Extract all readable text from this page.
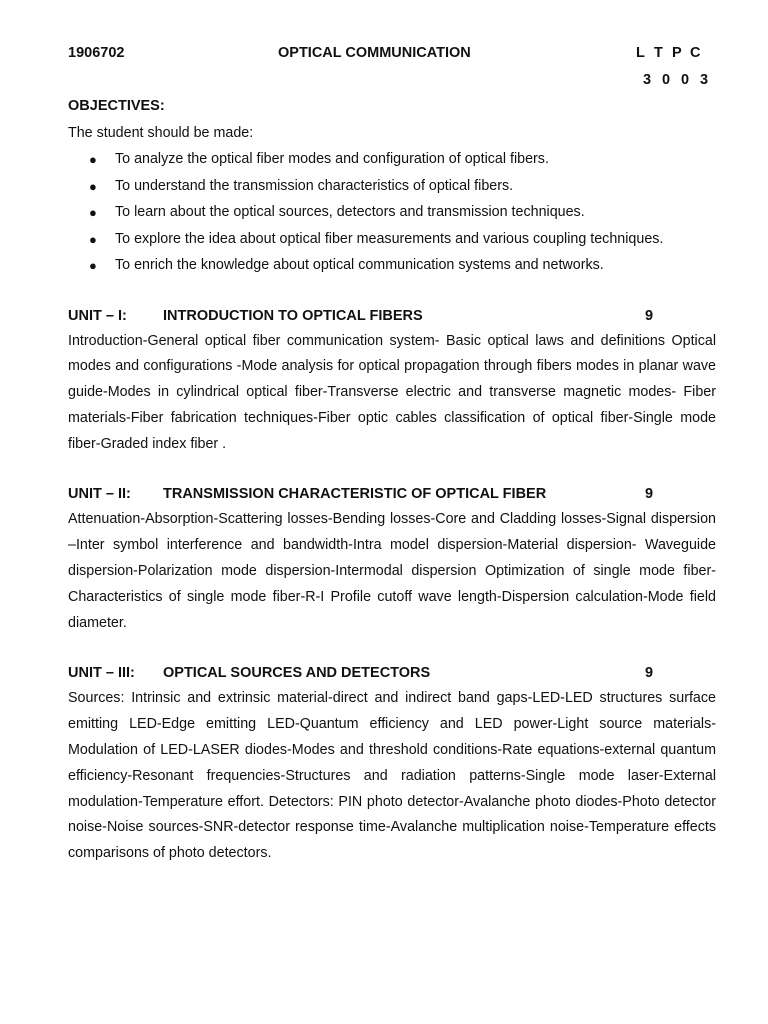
1906702	OPTICAL COMMUNICATION	L T P C
3 0 0 3

OBJECTIVES:

The student should be made:

● To analyze the optical fiber modes and configuration of optical fibers.
● To understand the transmission characteristics of optical fibers.
● To learn about the optical sources, detectors and transmission techniques.
● To explore the idea about optical fiber measurements and various coupling techniques.
● To enrich the knowledge about optical communication systems and networks.
UNIT – I: INTRODUCTION TO OPTICAL FIBERS	9

Introduction-General optical fiber communication system- Basic optical laws and definitions Optical modes and configurations -Mode analysis for optical propagation through fibers modes in planar wave guide-Modes in cylindrical optical fiber-Transverse electric and transverse magnetic modes- Fiber materials-Fiber fabrication techniques-Fiber optic cables classification of optical fiber-Single mode fiber-Graded index fiber .

UNIT – II: TRANSMISSION CHARACTERISTIC OF OPTICAL FIBER	9

Attenuation-Absorption-Scattering losses-Bending losses-Core and Cladding losses-Signal dispersion –Inter symbol interference and bandwidth-Intra model dispersion-Material dispersion- Waveguide dispersion-Polarization mode dispersion-Intermodal dispersion Optimization of single mode fiber-Characteristics of single mode fiber-R-I Profile cutoff wave length-Dispersion calculation-Mode field diameter.

UNIT – III: OPTICAL SOURCES AND DETECTORS	9

Sources: Intrinsic and extrinsic material-direct and indirect band gaps-LED-LED structures surface emitting LED-Edge emitting LED-Quantum efficiency and LED power-Light source materials-Modulation of LED-LASER diodes-Modes and threshold conditions-Rate equations-external quantum efficiency-Resonant frequencies-Structures and radiation patterns-Single mode laser-External modulation-Temperature effort. Detectors: PIN photo detector-Avalanche photo diodes-Photo detector noise-Noise sources-SNR-detector response time-Avalanche multiplication noise-Temperature effects comparisons of photo detectors.
